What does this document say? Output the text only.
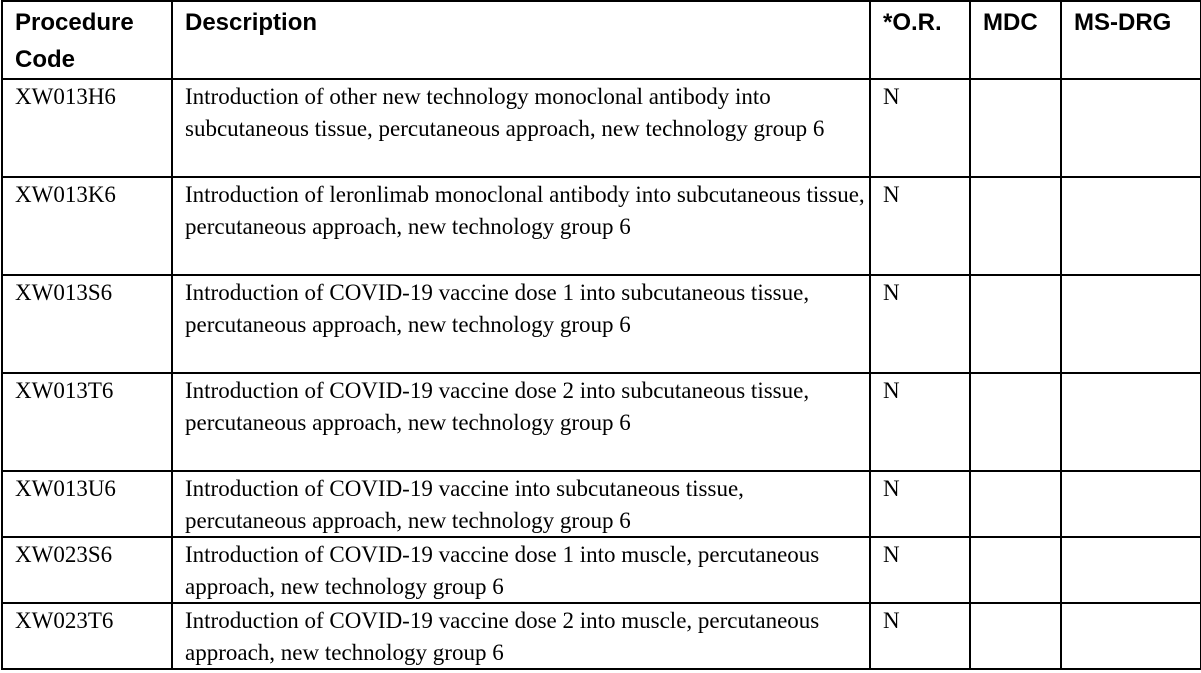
Procedure
Code	Description	*O.R.	MDC	MS-DRG
XW013H6	Introduction of other new technology monoclonal antibody into subcutaneous tissue, percutaneous approach, new technology group 6	N		
XW013K6	Introduction of leronlimab monoclonal antibody into subcutaneous tissue, percutaneous approach, new technology group 6	N		
XW013S6	Introduction of COVID-19 vaccine dose 1 into subcutaneous tissue, percutaneous approach, new technology group 6	N		
XW013T6	Introduction of COVID-19 vaccine dose 2 into subcutaneous tissue, percutaneous approach, new technology group 6	N		
XW013U6	Introduction of COVID-19 vaccine into subcutaneous tissue, percutaneous approach, new technology group 6	N		
XW023S6	Introduction of COVID-19 vaccine dose 1 into muscle, percutaneous approach, new technology group 6	N		
XW023T6	Introduction of COVID-19 vaccine dose 2 into muscle, percutaneous approach, new technology group 6	N		
